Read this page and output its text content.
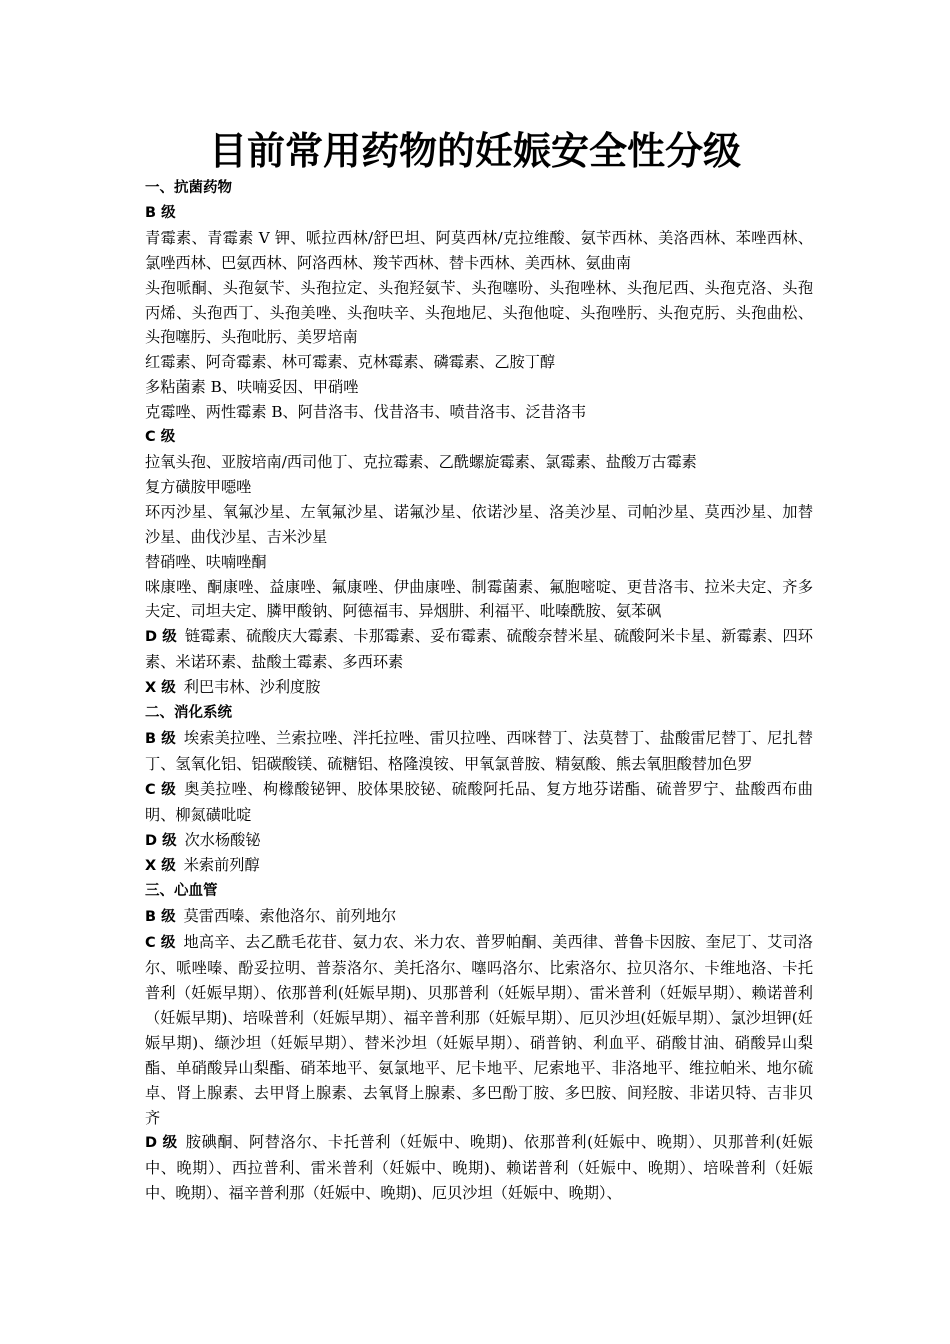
目前常用药物的妊娠安全性分级
一、抗菌药物
B 级
青霉素、青霉素 V 钾、哌拉西林/舒巴坦、阿莫西林/克拉维酸、氨苄西林、美洛西林、苯唑西林、氯唑西林、巴氨西林、阿洛西林、羧苄西林、替卡西林、美西林、氨曲南
头孢哌酮、头孢氨苄、头孢拉定、头孢羟氨苄、头孢噻吩、头孢唑林、头孢尼西、头孢克洛、头孢丙烯、头孢西丁、头孢美唑、头孢呋辛、头孢地尼、头孢他啶、头孢唑肟、头孢克肟、头孢曲松、头孢噻肟、头孢吡肟、美罗培南
红霉素、阿奇霉素、林可霉素、克林霉素、磷霉素、乙胺丁醇
多粘菌素 B、呋喃妥因、甲硝唑
克霉唑、两性霉素 B、阿昔洛韦、伐昔洛韦、喷昔洛韦、泛昔洛韦
C 级
拉氧头孢、亚胺培南/西司他丁、克拉霉素、乙酰螺旋霉素、氯霉素、盐酸万古霉素
复方磺胺甲噁唑
环丙沙星、氧氟沙星、左氧氟沙星、诺氟沙星、依诺沙星、洛美沙星、司帕沙星、莫西沙星、加替沙星、曲伐沙星、吉米沙星
替硝唑、呋喃唑酮
咪康唑、酮康唑、益康唑、氟康唑、伊曲康唑、制霉菌素、氟胞嘧啶、更昔洛韦、拉米夫定、齐多夫定、司坦夫定、膦甲酸钠、阿德福韦、异烟肼、利福平、吡嗪酰胺、氨苯砜
D 级 链霉素、硫酸庆大霉素、卡那霉素、妥布霉素、硫酸奈替米星、硫酸阿米卡星、新霉素、四环素、米诺环素、盐酸土霉素、多西环素
X 级 利巴韦林、沙利度胺
二、消化系统
B 级 埃索美拉唑、兰索拉唑、泮托拉唑、雷贝拉唑、西咪替丁、法莫替丁、盐酸雷尼替丁、尼扎替丁、氢氧化铝、铝碳酸镁、硫糖铝、格隆溴铵、甲氧氯普胺、精氨酸、熊去氧胆酸替加色罗
C 级 奥美拉唑、枸橼酸铋钾、胶体果胶铋、硫酸阿托品、复方地芬诺酯、硫普罗宁、盐酸西布曲明、柳氮磺吡啶
D 级 次水杨酸铋
X 级 米索前列醇
三、心血管
B 级 莫雷西嗪、索他洛尔、前列地尔
C 级 地高辛、去乙酰毛花苷、氨力农、米力农、普罗帕酮、美西律、普鲁卡因胺、奎尼丁、艾司洛尔、哌唑嗪、酚妥拉明、普萘洛尔、美托洛尔、噻吗洛尔、比索洛尔、拉贝洛尔、卡维地洛、卡托普利（妊娠早期）、依那普利(妊娠早期)、贝那普利（妊娠早期）、雷米普利（妊娠早期）、赖诺普利（妊娠早期)、培哚普利（妊娠早期）、福辛普利那（妊娠早期）、厄贝沙坦(妊娠早期）、氯沙坦钾(妊娠早期)、缬沙坦（妊娠早期）、替米沙坦（妊娠早期）、硝普钠、利血平、硝酸甘油、硝酸异山梨酯、单硝酸异山梨酯、硝苯地平、氨氯地平、尼卡地平、尼索地平、非洛地平、维拉帕米、地尔硫卓、肾上腺素、去甲肾上腺素、去氧肾上腺素、多巴酚丁胺、多巴胺、间羟胺、非诺贝特、吉非贝齐
D 级 胺碘酮、阿替洛尔、卡托普利（妊娠中、晚期)、依那普利(妊娠中、晚期）、贝那普利(妊娠中、晚期）、西拉普利、雷米普利（妊娠中、晚期)、赖诺普利（妊娠中、晚期）、培哚普利（妊娠中、晚期）、福辛普利那（妊娠中、晚期)、厄贝沙坦（妊娠中、晚期）、
